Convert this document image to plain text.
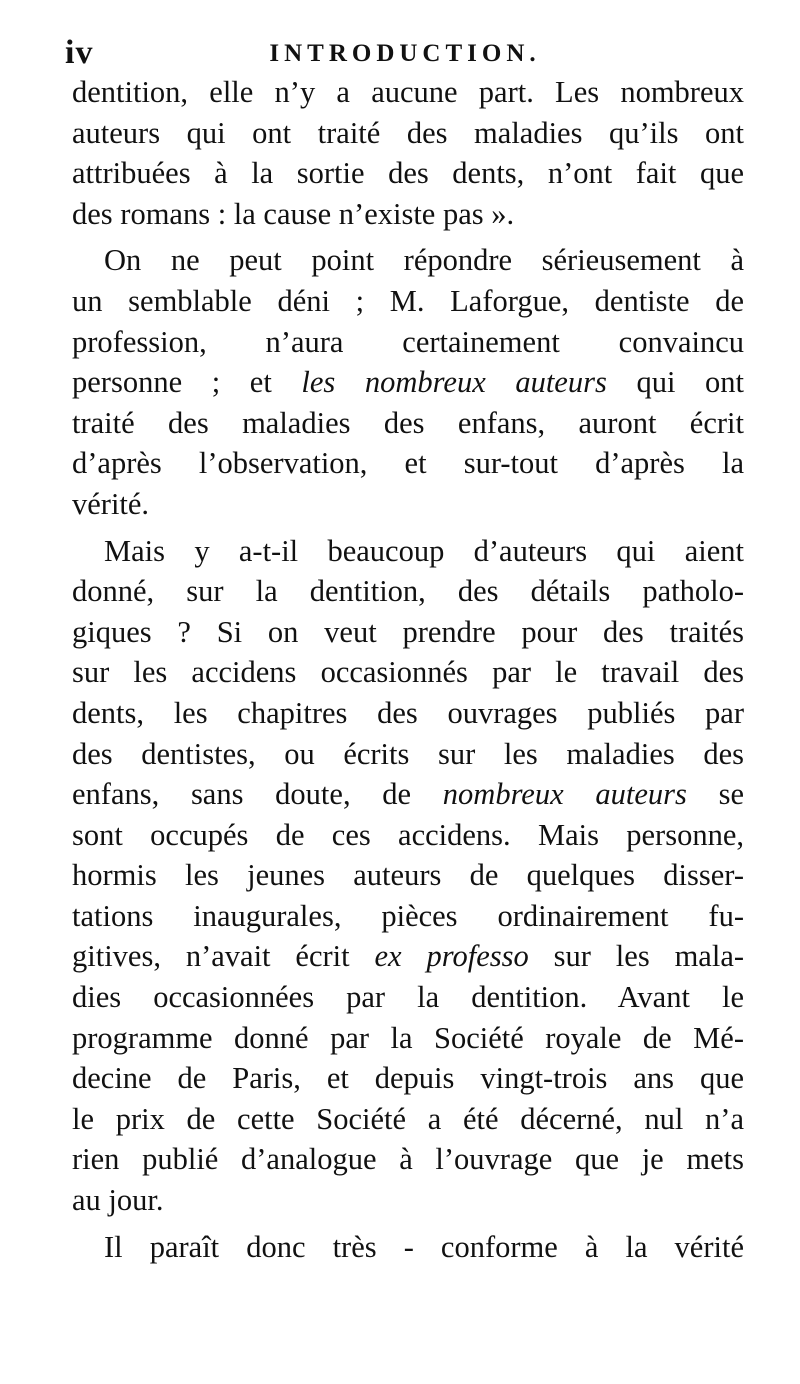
iv	INTRODUCTION.
dentition, elle n’y a aucune part. Les nombreux
auteurs qui ont traité des maladies qu’ils ont
attribuées à la sortie des dents, n’ont fait que
des romans : la cause n’existe pas ».
On ne peut point répondre sérieusement à
un semblable déni ; M. Laforgue, dentiste de
profession, n’aura certainement convaincu
personne ; et les nombreux auteurs qui ont
traité des maladies des enfans, auront écrit
d’après l’observation, et sur-tout d’après la
vérité.
Mais y a-t-il beaucoup d’auteurs qui aient
donné, sur la dentition, des détails patholo-
giques ? Si on veut prendre pour des traités
sur les accidens occasionnés par le travail des
dents, les chapitres des ouvrages publiés par
des dentistes, ou écrits sur les maladies des
enfans, sans doute, de nombreux auteurs se
sont occupés de ces accidens. Mais personne,
hormis les jeunes auteurs de quelques disser-
tations inaugurales, pièces ordinairement fu-
gitives, n’avait écrit ex professo sur les mala-
dies occasionnées par la dentition. Avant le
programme donné par la Société royale de Mé-
decine de Paris, et depuis vingt-trois ans que
le prix de cette Société a été décerné, nul n’a
rien publié d’analogue à l’ouvrage que je mets
au jour.
Il paraît donc très - conforme à la vérité
